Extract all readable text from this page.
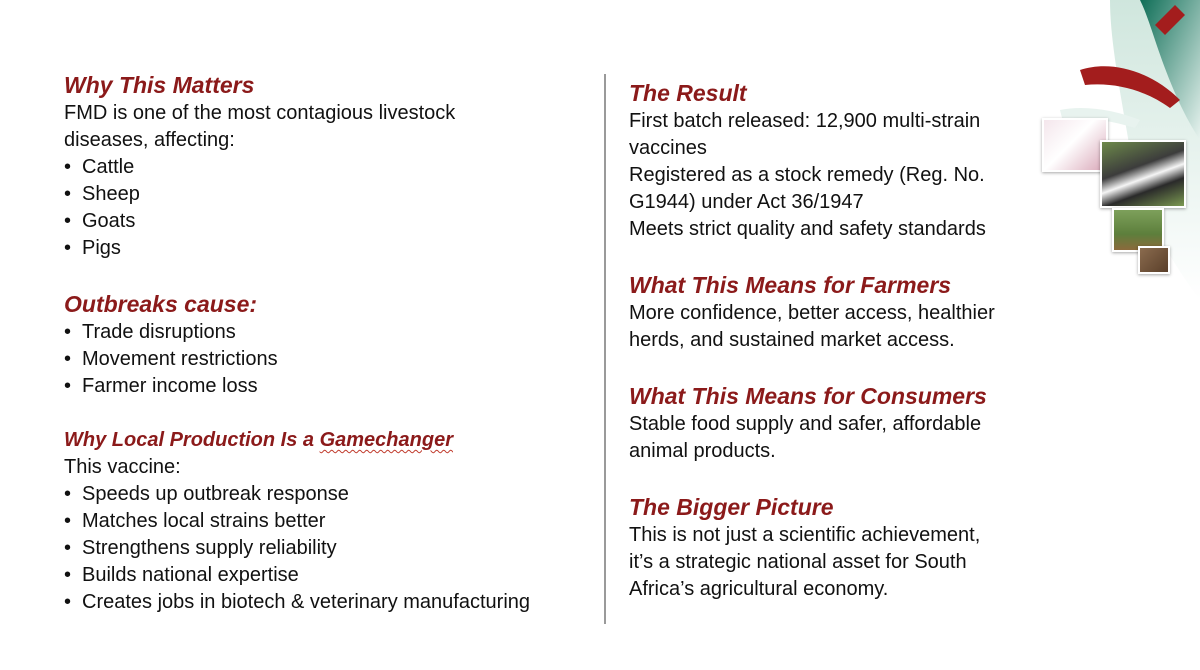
Why This Matters

FMD is one of the most contagious livestock

diseases, affecting:

• Cattle
• Sheep
• Goats
• Pigs
Outbreaks cause:
• Trade disruptions
• Movement restrictions
• Farmer income loss
Why Local Production Is a Gamechanger

This vaccine:

• Speeds up outbreak response
• Matches local strains better
• Strengthens supply reliability
• Builds national expertise
• Creates jobs in biotech & veterinary manufacturing
The Result

First batch released: 12,900 multi-strain

vaccines

Registered as a stock remedy (Reg. No.

G1944) under Act 36/1947

Meets strict quality and safety standards

What This Means for Farmers

More confidence, better access, healthier

herds, and sustained market access.

What This Means for Consumers

Stable food supply and safer, affordable

animal products.

The Bigger Picture

This is not just a scientific achievement,

it’s a strategic national asset for South

Africa’s agricultural economy.
